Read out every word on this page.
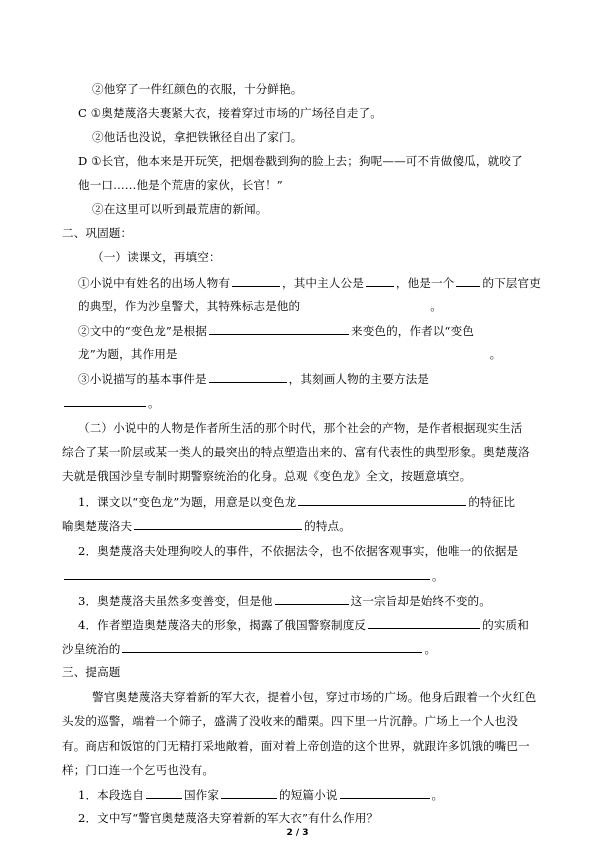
②他穿了一件红颜色的衣服，十分鲜艳。
C ①奥楚蔑洛夫裹紧大衣，接着穿过市场的广场径自走了。
②他话也没说，拿把铁锹径自出了家门。
D ①长官，他本来是开玩笑，把烟卷戳到狗的脸上去；狗呢——可不肯做傻瓜，就咬了
他一口……他是个荒唐的家伙，长官！”
②在这里可以听到最荒唐的新闻。
二、巩固题：
（一）读课文，再填空：
①小说中有姓名的出场人物有	，其中主人公是	，他是一个 的下层官吏
的典型，作为沙皇警犬，其特殊标志是他的	。
②文中的“变色龙”是根据	来变色的，作者以“变色
龙”为题，其作用是	。
③小说描写的基本事件是	，其刻画人物的主要方法是
。
（二）小说中的人物是作者所生活的那个时代，那个社会的产物，是作者根据现实生活
综合了某一阶层或某一类人的最突出的特点塑造出来的、富有代表性的典型形象。奥楚蔑洛
夫就是俄国沙皇专制时期警察统治的化身。总观《变色龙》全文，按题意填空。
1．课文以“变色龙”为题，用意是以变色龙	的特征比
喻奥楚蔑洛夫	的特点。
2．奥楚蔑洛夫处理狗咬人的事件，不依据法令，也不依据客观事实，他唯一的依据是
。
3．奥楚蔑洛夫虽然多变善变，但是他	这一宗旨却是始终不变的。
4．作者塑造奥楚蔑洛夫的形象，揭露了俄国警察制度反	的实质和
沙皇统治的	。
三、提高题
警官奥楚蔑洛夫穿着新的军大衣，提着小包，穿过市场的广场。他身后跟着一个火红色
头发的巡警，端着一个筛子，盛满了没收来的醋栗。四下里一片沉静。广场上一个人也没
有。商店和饭馆的门无精打采地敞着，面对着上帝创造的这个世界，就跟许多饥饿的嘴巴一
样；门口连一个乞丐也没有。
1．本段选自	国作家	的短篇小说	。
2．文中写“警官奥楚蔑洛夫穿着新的军大衣”有什么作用？
2 / 3
